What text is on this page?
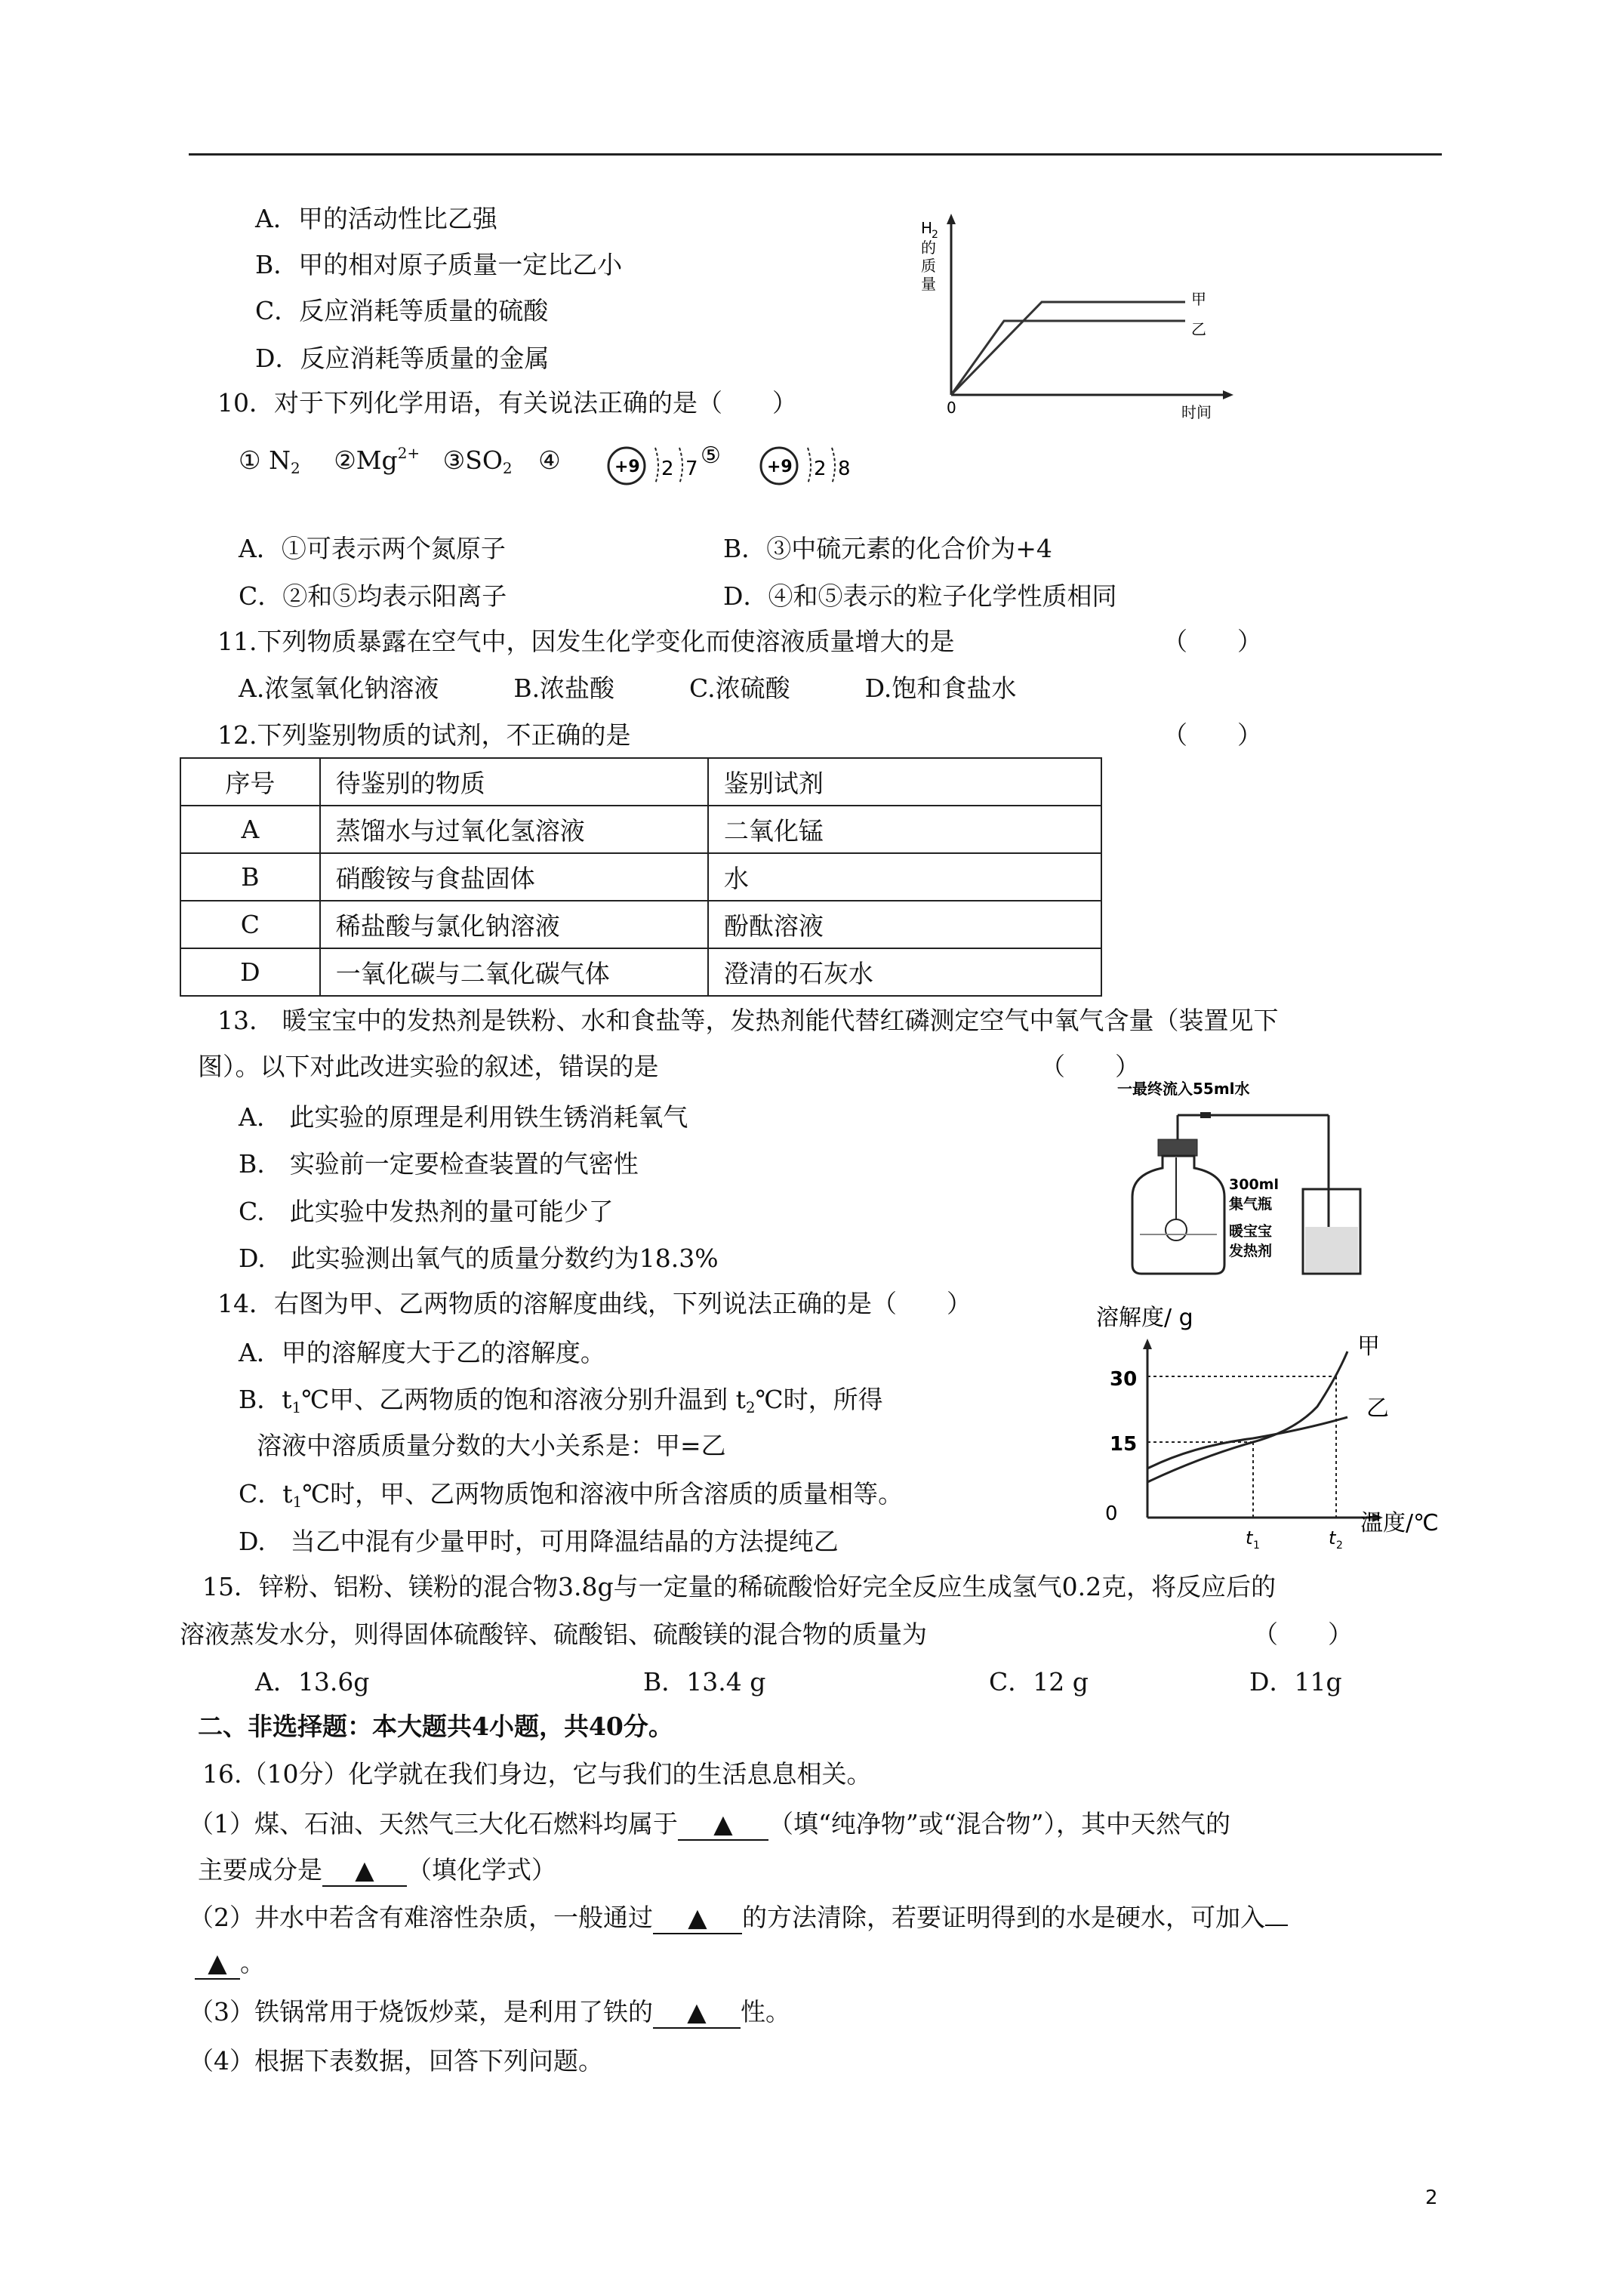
A．甲的活动性比乙强
B．甲的相对原子质量一定比乙小
C．反应消耗等质量的硫酸
D．反应消耗等质量的金属
H
2
的质量
0	时间
甲
乙
10．对于下列化学用语，有关说法正确的是（　　）
① $N_2$ $②Mg^{2+}$ $③SO_2$ ④	+9 2 7 ⑤	+9 2 8
A．①可表示两个氮原子	B．③中硫元素的化合价为+4
C．②和⑤均表示阳离子	D．④和⑤表示的粒子化学性质相同
11.下列物质暴露在空气中，因发生化学变化而使溶液质量增大的是	（　　）
A.浓氢氧化钠溶液　　　B.浓盐酸　　　C.浓硫酸　　　D.饱和食盐水
12.下列鉴别物质的试剂，不正确的是	（　　）
序号	待鉴别的物质	鉴别试剂
A	蒸馏水与过氧化氢溶液	二氧化锰
B	硝酸铵与食盐固体	水
C	稀盐酸与氯化钠溶液	酚酞溶液
D	一氧化碳与二氧化碳气体	澄清的石灰水
13.　暖宝宝中的发热剂是铁粉、水和食盐等，发热剂能代替红磷测定空气中氧气含量（装置见下
图）。以下对此改进实验的叙述，错误的是	（　　）
A.　此实验的原理是利用铁生锈消耗氧气
B.　实验前一定要检查装置的气密性
C.　此实验中发热剂的量可能少了
D.　此实验测出氧气的质量分数约为18.3%
一最终流入55ml水
300ml
集气瓶
暖宝宝
发热剂
14．右图为甲、乙两物质的溶解度曲线，下列说法正确的是（　　）
A．甲的溶解度大于乙的溶解度。
B．$t_1℃$甲、乙两物质的饱和溶液分别升温到 $t_2℃$时，所得
溶液中溶质质量分数的大小关系是：甲=乙
C．$t_1℃$时，甲、乙两物质饱和溶液中所含溶质的质量相等。
D.　当乙中混有少量甲时，可用降温结晶的方法提纯乙
溶解度/ g
30
15
0
t 1	t 2
温度/℃
甲
乙
15．锌粉、铝粉、镁粉的混合物3.8g与一定量的稀硫酸恰好完全反应生成氢气0.2克，将反应后的
溶液蒸发水分，则得固体硫酸锌、硫酸铝、硫酸镁的混合物的质量为	（　　）
A．13.6g	B．13.4 g	C．12 g	D．11g
二、非选择题：本大题共4小题，共40分。
16.（10分）化学就在我们身边，它与我们的生活息息相关。
（1）煤、石油、天然气三大化石燃料均属于 ▲ （填“纯净物”或“混合物”），其中天然气的
主要成分是 ▲ （填化学式）
（2）井水中若含有难溶性杂质，一般通过 ▲ 的方法清除，若要证明得到的水是硬水，可加入
▲ 。
（3）铁锅常用于烧饭炒菜，是利用了铁的 ▲ 性。
（4）根据下表数据，回答下列问题。
2
